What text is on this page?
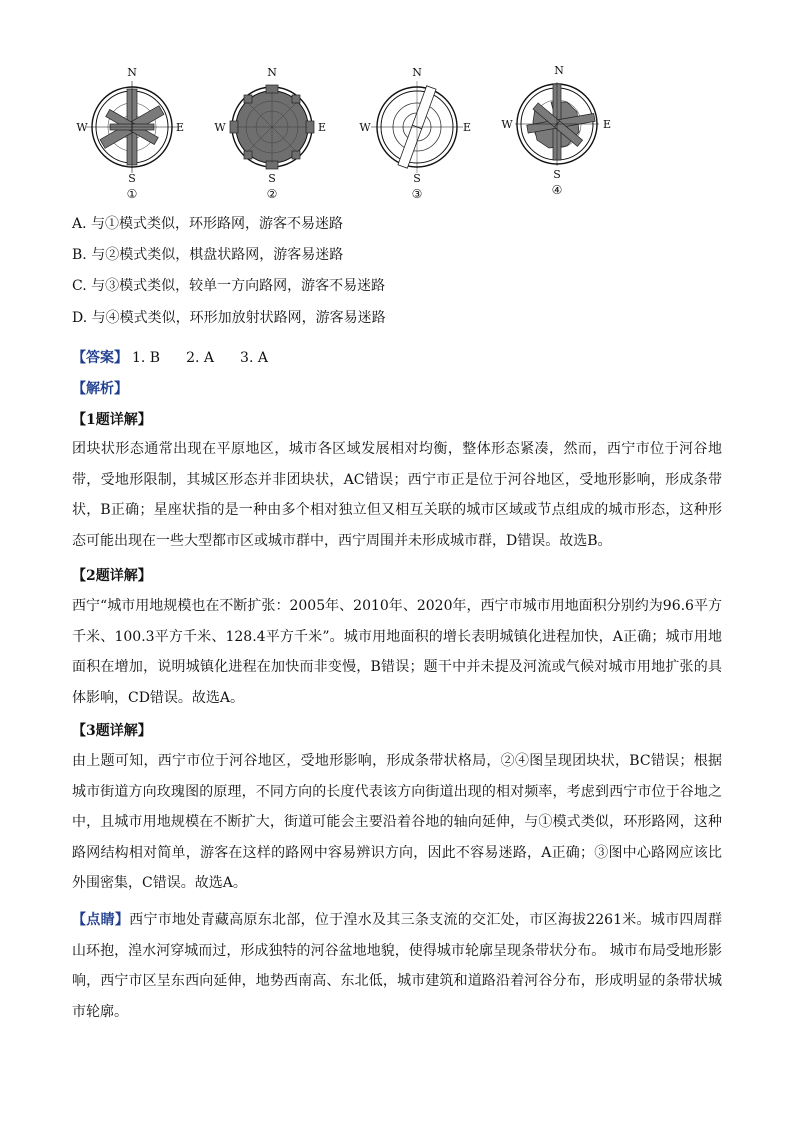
N
S
E
W
①
N
S
E
W
②
N
S
E
W
③
N
S
E
W
④
A. 与①模式类似，环形路网，游客不易迷路
B. 与②模式类似，棋盘状路网，游客易迷路
C. 与③模式类似，较单一方向路网，游客不易迷路
D. 与④模式类似，环形加放射状路网，游客易迷路
【答案】 1. B 2. A 3. A
【解析】
【1题详解】
团块状形态通常出现在平原地区，城市各区域发展相对均衡，整体形态紧凑，然而，西宁市位于河谷地带，受地形限制，其城区形态并非团块状，AC错误；西宁市正是位于河谷地区，受地形影响，形成条带状，B正确；星座状指的是一种由多个相对独立但又相互关联的城市区域或节点组成的城市形态，这种形态可能出现在一些大型都市区或城市群中，西宁周围并未形成城市群，D错误。故选B。
【2题详解】
西宁“城市用地规模也在不断扩张：2005年、2010年、2020年，西宁市城市用地面积分别约为96.6平方千米、100.3平方千米、128.4平方千米”。城市用地面积的增长表明城镇化进程加快，A正确；城市用地面积在增加，说明城镇化进程在加快而非变慢，B错误；题干中并未提及河流或气候对城市用地扩张的具体影响，CD错误。故选A。
【3题详解】
由上题可知，西宁市位于河谷地区，受地形影响，形成条带状格局，②④图呈现团块状，BC错误；根据城市街道方向玫瑰图的原理，不同方向的长度代表该方向街道出现的相对频率，考虑到西宁市位于谷地之中，且城市用地规模在不断扩大，街道可能会主要沿着谷地的轴向延伸，与①模式类似，环形路网，这种路网结构相对简单，游客在这样的路网中容易辨识方向，因此不容易迷路，A正确；③图中心路网应该比外围密集，C错误。故选A。
【点睛】西宁市地处青藏高原东北部，位于湟水及其三条支流的交汇处，市区海拔2261米。城市四周群山环抱，湟水河穿城而过，形成独特的河谷盆地地貌，使得城市轮廓呈现条带状分布。 城市布局受地形影响，西宁市区呈东西向延伸，地势西南高、东北低，城市建筑和道路沿着河谷分布，形成明显的条带状城市轮廓。
